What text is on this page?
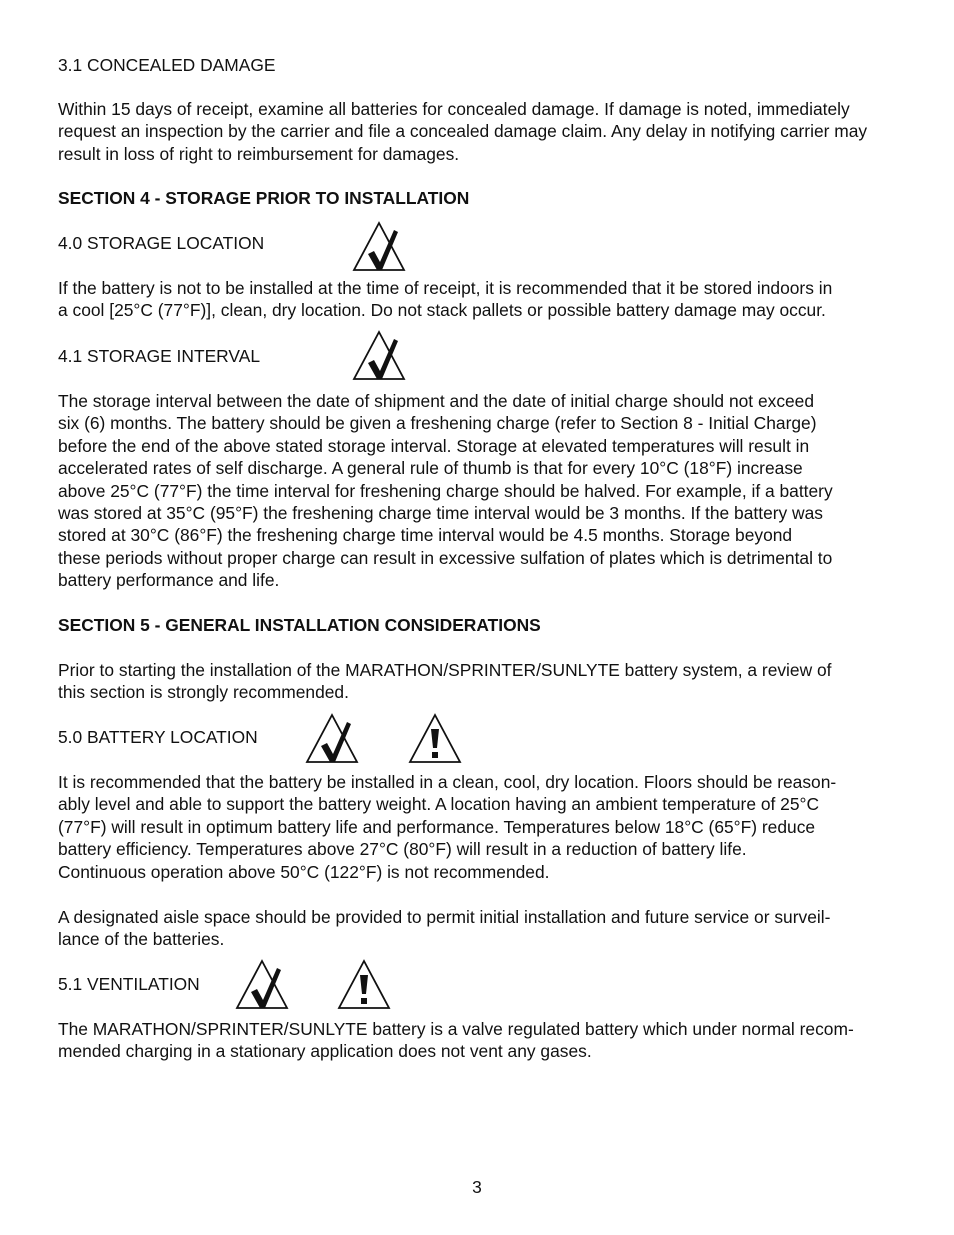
3.1 CONCEALED DAMAGE

Within 15 days of receipt, examine all batteries for concealed damage. If damage is noted, immediately
request an inspection by the carrier and file a concealed damage claim. Any delay in notifying carrier may
result in loss of right to reimbursement for damages.

SECTION 4 - STORAGE PRIOR TO INSTALLATION

4.0 STORAGE LOCATION

If the battery is not to be installed at the time of receipt, it is recommended that it be stored indoors in
a cool [25°C (77°F)], clean, dry location. Do not stack pallets or possible battery damage may occur.

4.1 STORAGE INTERVAL

The storage interval between the date of shipment and the date of initial charge should not exceed
six (6) months. The battery should be given a freshening charge (refer to Section 8 - Initial Charge)
before the end of the above stated storage interval. Storage at elevated temperatures will result in
accelerated rates of self discharge. A general rule of thumb is that for every 10°C (18°F) increase
above 25°C (77°F) the time interval for freshening charge should be halved. For example, if a battery
was stored at 35°C (95°F) the freshening charge time interval would be 3 months. If the battery was
stored at 30°C (86°F) the freshening charge time interval would be 4.5 months. Storage beyond
these periods without proper charge can result in excessive sulfation of plates which is detrimental to
battery performance and life.

SECTION 5 - GENERAL INSTALLATION CONSIDERATIONS

Prior to starting the installation of the MARATHON/SPRINTER/SUNLYTE battery system, a review of
this section is strongly recommended.

5.0 BATTERY LOCATION

It is recommended that the battery be installed in a clean, cool, dry location. Floors should be reason-
ably level and able to support the battery weight. A location having an ambient temperature of 25°C
(77°F) will result in optimum battery life and performance. Temperatures below 18°C (65°F) reduce
battery efficiency. Temperatures above 27°C (80°F) will result in a reduction of battery life.
Continuous operation above 50°C (122°F) is not recommended.
A designated aisle space should be provided to permit initial installation and future service or surveil-
lance of the batteries.

5.1 VENTILATION

The MARATHON/SPRINTER/SUNLYTE battery is a valve regulated battery which under normal recom-
mended charging in a stationary application does not vent any gases.
3
